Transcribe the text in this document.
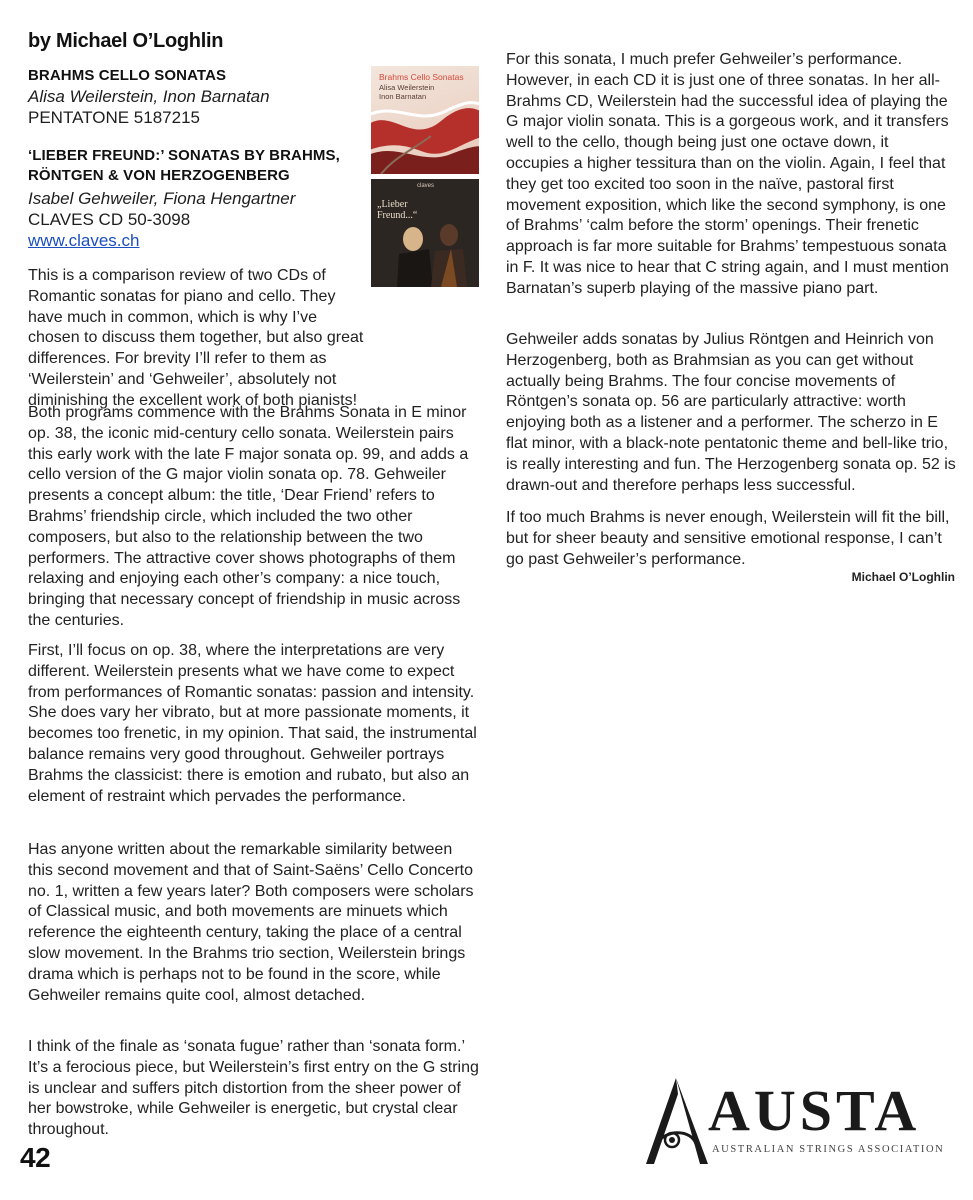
by Michael O’Loghlin
BRAHMS CELLO SONATAS
Alisa Weilerstein, Inon Barnatan
PENTATONE 5187215
‘LIEBER FREUND:’ SONATAS BY BRAHMS,
RÖNTGEN & VON HERZOGENBERG
Isabel Gehweiler, Fiona Hengartner
CLAVES CD 50-3098
www.claves.ch
Brahms Cello Sonatas
Alisa Weilerstein
Inon Barnatan
claves
„Lieber
Freund...“

This is a comparison review of two CDs of Romantic sonatas for piano and cello. They have much in common, which is why I’ve chosen to discuss them together, but also great differences. For brevity I’ll refer to them as ‘Weilerstein’ and ‘Gehweiler’, absolutely not diminishing the excellent work of both pianists!

Both programs commence with the Brahms Sonata in E minor op. 38, the iconic mid-century cello sonata. Weilerstein pairs this early work with the late F major sonata op. 99, and adds a cello version of the G major violin sonata op. 78. Gehweiler presents a concept album: the title, ‘Dear Friend’ refers to Brahms’ friendship circle, which included the two other composers, but also to the relationship between the two performers. The attractive cover shows photographs of them relaxing and enjoying each other’s company: a nice touch, bringing that necessary concept of friendship in music across the centuries.

First, I’ll focus on op. 38, where the interpretations are very different. Weilerstein presents what we have come to expect from performances of Romantic sonatas: passion and intensity. She does vary her vibrato, but at more passionate moments, it becomes too frenetic, in my opinion. That said, the instrumental balance remains very good throughout. Gehweiler portrays Brahms the classicist: there is emotion and rubato, but also an element of restraint which pervades the performance.

Has anyone written about the remarkable similarity between this second movement and that of Saint-Saëns’ Cello Concerto no. 1, written a few years later? Both composers were scholars of Classical music, and both movements are minuets which reference the eighteenth century, taking the place of a central slow movement. In the Brahms trio section, Weilerstein brings drama which is perhaps not to be found in the score, while Gehweiler remains quite cool, almost detached.

I think of the finale as ‘sonata fugue’ rather than ‘sonata form.’ It’s a ferocious piece, but Weilerstein’s first entry on the G string is unclear and suffers pitch distortion from the sheer power of her bowstroke, while Gehweiler is energetic, but crystal clear throughout.

For this sonata, I much prefer Gehweiler’s performance. However, in each CD it is just one of three sonatas. In her all-Brahms CD, Weilerstein had the successful idea of playing the G major violin sonata. This is a gorgeous work, and it transfers well to the cello, though being just one octave down, it occupies a higher tessitura than on the violin. Again, I feel that they get too excited too soon in the naïve, pastoral first movement exposition, which like the second symphony, is one of Brahms’ ‘calm before the storm’ openings. Their frenetic approach is far more suitable for Brahms’ tempestuous sonata in F. It was nice to hear that C string again, and I must mention Barnatan’s superb playing of the massive piano part.

Gehweiler adds sonatas by Julius Röntgen and Heinrich von Herzogenberg, both as Brahmsian as you can get without actually being Brahms. The four concise movements of Röntgen’s sonata op. 56 are particularly attractive: worth enjoying both as a listener and a performer. The scherzo in E flat minor, with a black-note pentatonic theme and bell-like trio, is really interesting and fun. The Herzogenberg sonata op. 52 is drawn-out and therefore perhaps less successful.

If too much Brahms is never enough, Weilerstein will fit the bill, but for sheer beauty and sensitive emotional response, I can’t go past Gehweiler’s performance.

Michael O’Loghlin
42
AUSTA
AUSTRALIAN STRINGS ASSOCIATION
